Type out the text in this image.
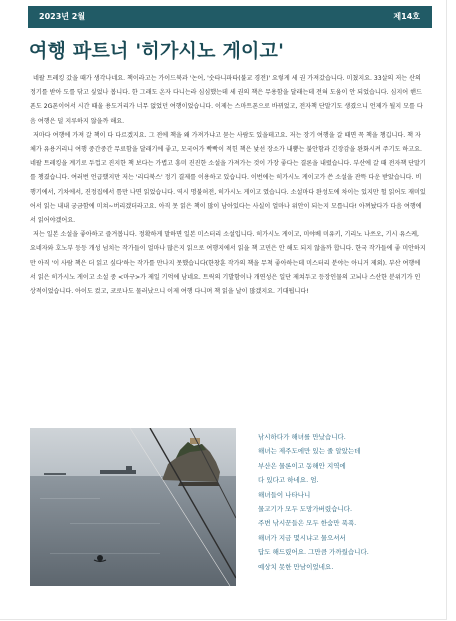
2023년 2월	제14호
여행 파트너 '히가시노 게이고'

네팔 트레킹 갔을 때가 생각나네요. 책이라고는 가이드북과 '논어, '숫타니파타(불교 경전)' 요렇게 세 권 가져갔습니다. 미쳤지요. 33살의 저는 산의 정기를 받아 도를 닦고 싶었나 봅니다. 한 그래도 온자 다니는라 심심했는데 세 권의 책은 무용함을 달래는데 전혀 도움이 안 되었습니다. 심지어 핸드폰도 2G폰이어서 시간 때울 용도거리가 너무 없었던 여행이었습니다. 이제는 스마트폰으로 바뀌었고, 전자책 단말기도 생겼으니 언제가 될지 모를 다음 여행은 덜 지루하지 않을까 해요.

저마다 여행에 가져 갈 책이 다 다르겠지요. 그 전에 책을 왜 가져가냐고 묻는 사람도 있을테고요. 저는 장기 여행을 갈 때면 꼭 책을 챙깁니다. 책 자체가 유용거리니 여행 중간중간 무료함을 달래기에 좋고, 모국어가 빡빡이 적힌 책은 낯선 장소가 내뿜는 불안함과 긴장감을 완화시켜 주기도 하고요. 네팔 트레킹을 계기로 두껍고 진지한 책 보다는 가볍고 흥미 진진한 소설을 가져가는 것이 가장 좋다는 결론을 내렸습니다. 부산에 갈 때 전자책 단말기를 챙겼습니다. 여러번 언급했지만 저는 '리디북스' 정기 결제를 이용하고 있습니다. 이번에는 히가시노 게이고가 쓴 소설을 잔뜩 다운 받았습니다. 비행기에서, 기차에서, 진정집에서 틈만 나면 읽었습니다. 역시 명불허전, 히가시노 게이고 였습니다. 소설마다 완성도에 차이는 있지만 헐 읽어도 재미있어서 읽는 내내 궁금함에 미쳐~버리겠더라고요. 아직 못 읽은 책이 많이 남아있다는 사실이 얼마나 위안이 되는지 모릅니다! 아껴놨다가 다음 여행에서 읽어야겠어요.

저는 일본 소설을 좋아하고 즐겨봅니다. 정확하게 말하면 일본 미스터리 소설입니다. 히가시노 게이고, 미야베 미유키, 기리노 나쓰오, 기시 유스케, 요네자와 호노부 등등 개성 넘치는 작가들이 얼마나 많은지 읽으로 여행지에서 읽을 책 고민은 안 해도 되지 않을까 합니다. 한국 작가들에 좋 미안하지만 아직 '이 사람 책은 더 읽고 싶다'하는 작가를 만나지 못했습니다(한창훈 작가의 책을 무척 좋아하는데 미스터리 분야는 아니거 제외). 부산 여행에서 읽은 히가시노 게이고 소설 중 <마구>가 제일 기억에 남네요. 트릭의 기발함이나 개연성은 일단 제쳐두고 등장인물의 고뇌나 스산한 분위기가 인상적이었습니다. 아이도 컸고, 코로나도 물러났으니 이제 여행 다니며 책 읽을 날이 많겠지요. 기대됩니다!

낚시하다가 해녀를 만났습니다.
해녀는 제주도에만 있는 줄 알았는데
부산은 물론이고 동해안 지역에
다 있다고 하네요. 엄.
해녀들이 나타나니
물고기가 모두 도망가버렸습니다.
주변 낚시꾼들은 모두 한숨만 푹푹.
해녀가 지금 몇시냐고 물으셔서
답도 해드렸어요. 그만큼 가까웠습니다.
예상치 못한 만남이었네요.
